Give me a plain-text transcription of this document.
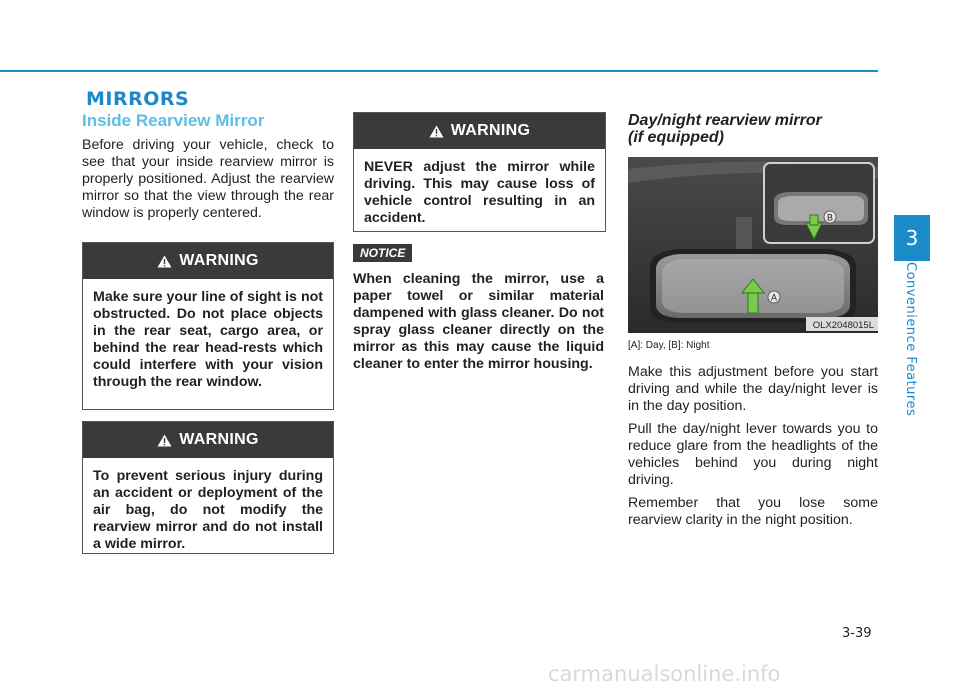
MIRRORS
Inside Rearview Mirror

Before driving your vehicle, check to see that your inside rearview mirror is properly positioned. Adjust the rearview mirror so that the view through the rear window is properly centered.

WARNING
Make sure your line of sight is not obstructed. Do not place objects in the rear seat, cargo area, or behind the rear head-rests which could interfere with your vision through the rear window.
WARNING
To prevent serious injury during an accident or deployment of the air bag, do not modify the rearview mirror and do not install a wide mirror.
WARNING
NEVER adjust the mirror while driving. This may cause loss of vehicle control resulting in an accident.
NOTICE

When cleaning the mirror, use a paper towel or similar material dampened with glass cleaner. Do not spray glass cleaner directly on the mirror as this may cause the liquid cleaner to enter the mirror housing.

Day/night rearview mirror
(if equipped)
B
A
OLX2048015L

[A]: Day, [B]: Night

Make this adjustment before you start driving and while the day/night lever is in the day position.

Pull the day/night lever towards you to reduce glare from the headlights of the vehicles behind you during night driving.

Remember that you lose some rearview clarity in the night position.

3
Convenience Features
3-39
carmanualsonline.info
